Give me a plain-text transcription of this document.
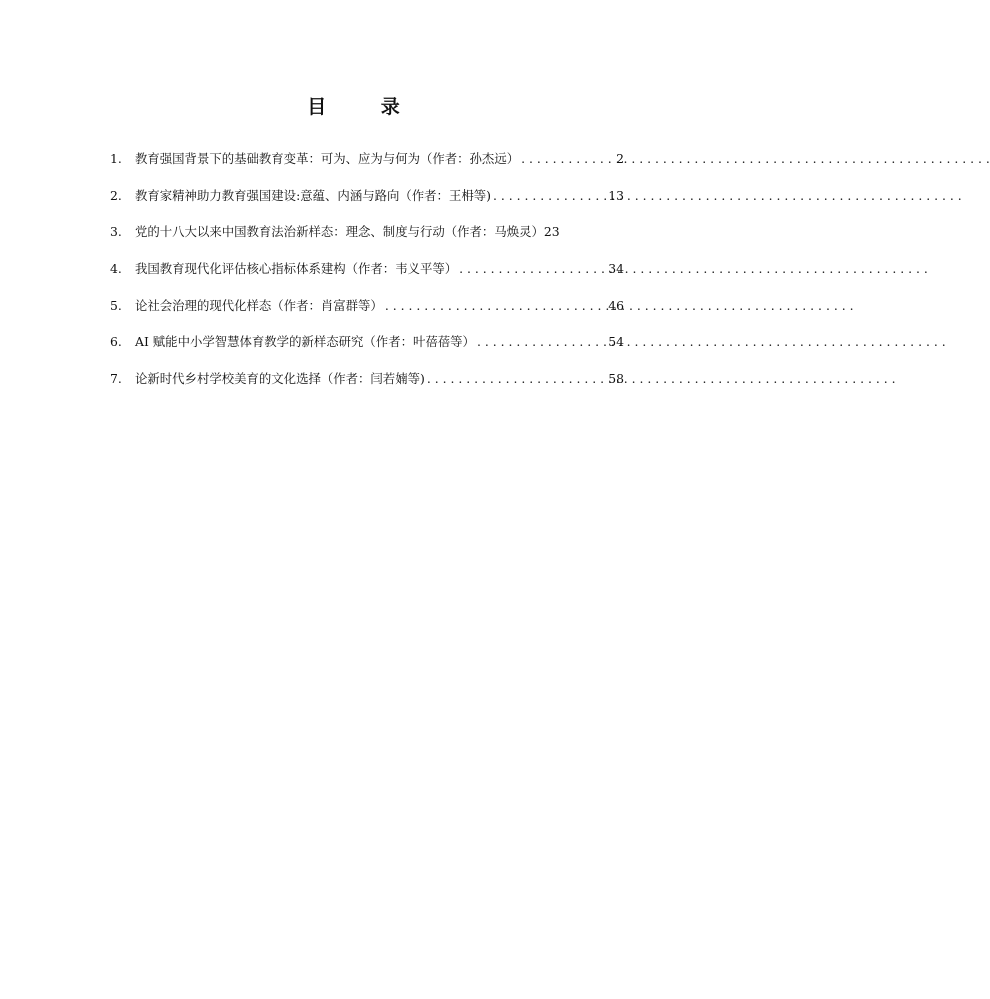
目 录
1.	教育强国背景下的基础教育变革：可为、应为与何为（作者：孙杰远） . . .	2
2.	教育家精神助力教育强国建设:意蕴、内涵与路向（作者：王枏等) . . .	13
3.	党的十八大以来中国教育法治新样态：理念、制度与行动（作者：马焕灵） 23
4.	我国教育现代化评估核心指标体系建构（作者：韦义平等） . . .	34
5.	论社会治理的现代化样态（作者：肖富群等） . . .	46
6.	AI 赋能中小学智慧体育教学的新样态研究（作者：叶蓓蓓等） . . .	54
7.	论新时代乡村学校美育的文化选择（作者：闫若婻等) . . .	58
